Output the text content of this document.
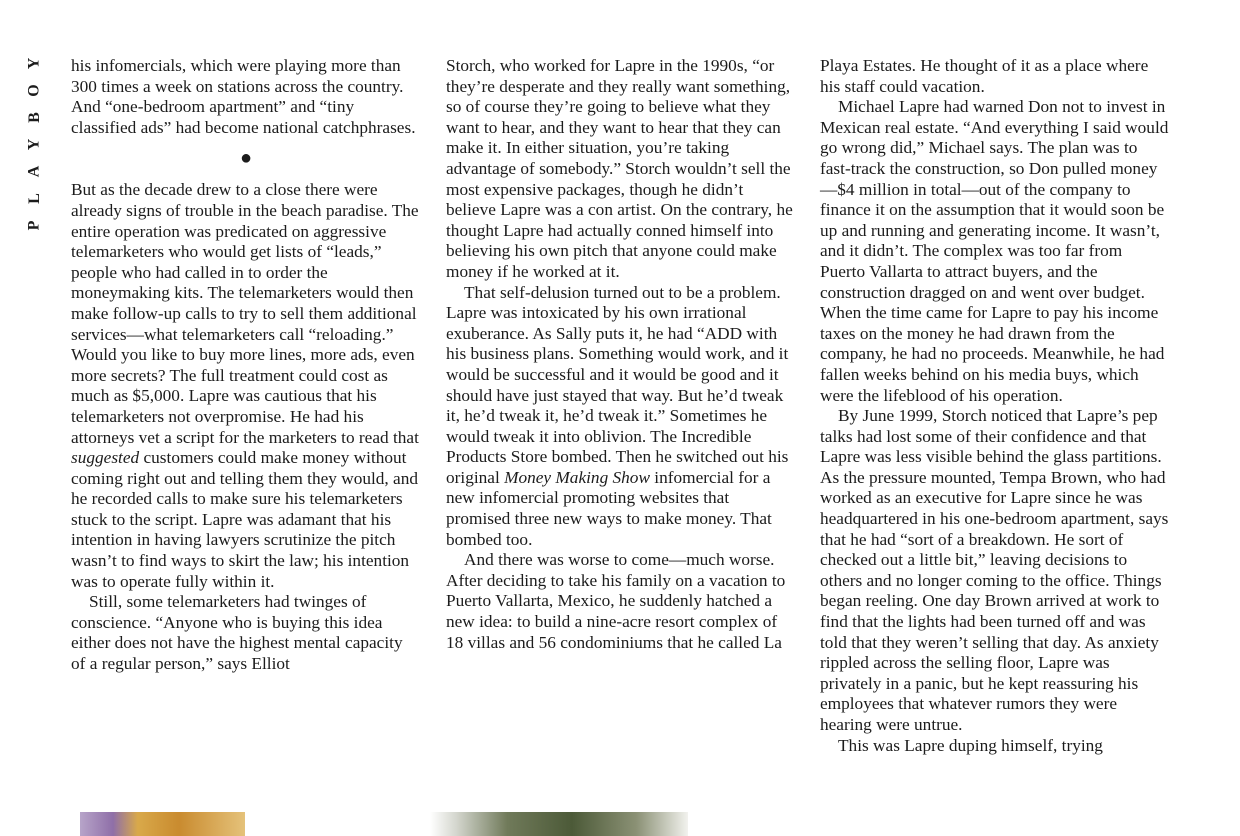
Y
O
B
Y
A
L
P

his infomercials, which were playing more than 300 times a week on stations across the country. And “one-bedroom apartment” and “tiny classified ads” had become national catchphrases.

●

But as the decade drew to a close there were already signs of trouble in the beach paradise. The entire operation was predicated on aggressive telemarketers who would get lists of “leads,” people who had called in to order the moneymaking kits. The telemarketers would then make follow-up calls to try to sell them additional services—what telemarketers call “reloading.” Would you like to buy more lines, more ads, even more secrets? The full treatment could cost as much as $5,000. Lapre was cautious that his telemarketers not overpromise. He had his attorneys vet a script for the marketers to read that suggested customers could make money without coming right out and telling them they would, and he recorded calls to make sure his telemarketers stuck to the script. Lapre was adamant that his intention in having lawyers scrutinize the pitch wasn’t to find ways to skirt the law; his intention was to operate fully within it.

Still, some telemarketers had twinges of conscience. “Anyone who is buying this idea either does not have the highest mental capacity of a regular person,” says Elliot

Storch, who worked for Lapre in the 1990s, “or they’re desperate and they really want something, so of course they’re going to believe what they want to hear, and they want to hear that they can make it. In either situation, you’re taking advantage of somebody.” Storch wouldn’t sell the most expensive packages, though he didn’t believe Lapre was a con artist. On the contrary, he thought Lapre had actually conned himself into believing his own pitch that anyone could make money if he worked at it.

That self-delusion turned out to be a problem. Lapre was intoxicated by his own irrational exuberance. As Sally puts it, he had “ADD with his business plans. Something would work, and it would be successful and it would be good and it should have just stayed that way. But he’d tweak it, he’d tweak it, he’d tweak it.” Sometimes he would tweak it into oblivion. The Incredible Products Store bombed. Then he switched out his original Money Making Show infomercial for a new infomercial promoting websites that promised three new ways to make money. That bombed too.

And there was worse to come—much worse. After deciding to take his family on a vacation to Puerto Vallarta, Mexico, he suddenly hatched a new idea: to build a nine-acre resort complex of 18 villas and 56 condominiums that he called La

Playa Estates. He thought of it as a place where his staff could vacation.

Michael Lapre had warned Don not to invest in Mexican real estate. “And everything I said would go wrong did,” Michael says. The plan was to fast-track the construction, so Don pulled money—$4 million in total—out of the company to finance it on the assumption that it would soon be up and running and generating income. It wasn’t, and it didn’t. The complex was too far from Puerto Vallarta to attract buyers, and the construction dragged on and went over budget. When the time came for Lapre to pay his income taxes on the money he had drawn from the company, he had no proceeds. Meanwhile, he had fallen weeks behind on his media buys, which were the lifeblood of his operation.

By June 1999, Storch noticed that Lapre’s pep talks had lost some of their confidence and that Lapre was less visible behind the glass partitions. As the pressure mounted, Tempa Brown, who had worked as an executive for Lapre since he was headquartered in his one-bedroom apartment, says that he had “sort of a breakdown. He sort of checked out a little bit,” leaving decisions to others and no longer coming to the office. Things began reeling. One day Brown arrived at work to find that the lights had been turned off and was told that they weren’t selling that day. As anxiety rippled across the selling floor, Lapre was privately in a panic, but he kept reassuring his employees that whatever rumors they were hearing were untrue.

This was Lapre duping himself, trying
